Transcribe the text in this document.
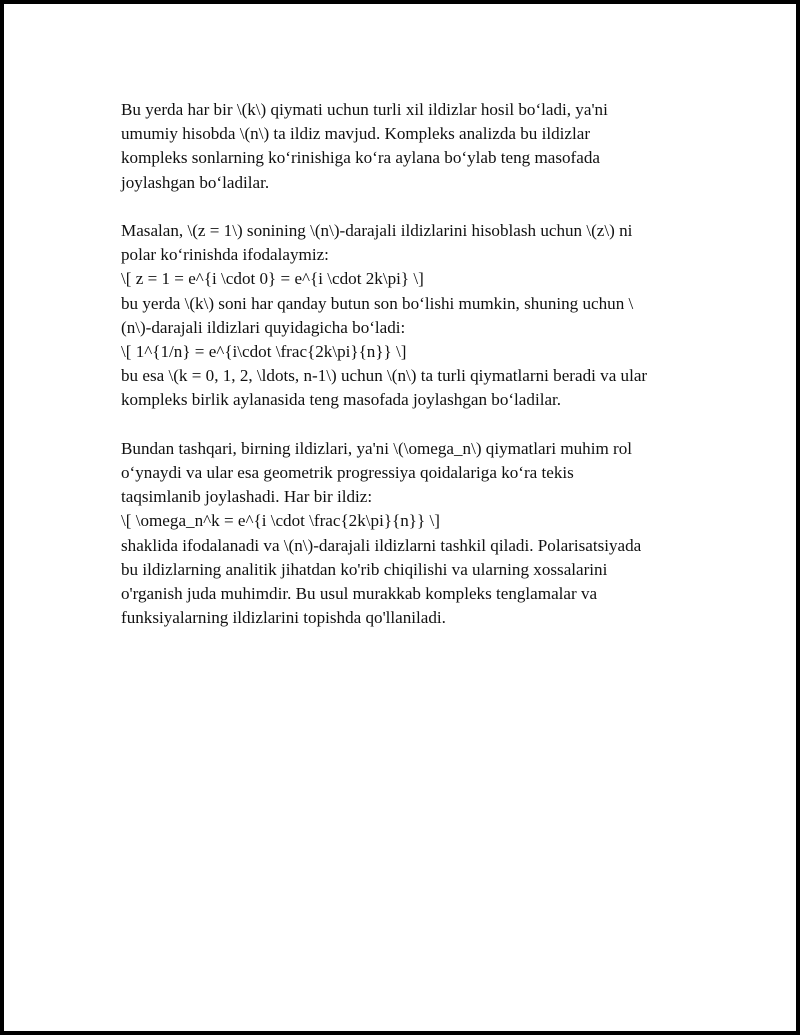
Bu yerda har bir \(k\) qiymati uchun turli xil ildizlar hosil bo‘ladi, ya'ni
umumiy hisobda \(n\) ta ildiz mavjud. Kompleks analizda bu ildizlar
kompleks sonlarning ko‘rinishiga ko‘ra aylana bo‘ylab teng masofada
joylashgan bo‘ladilar.
Masalan, \(z = 1\) sonining \(n\)-darajali ildizlarini hisoblash uchun \(z\) ni
polar ko‘rinishda ifodalaymiz:
\[ z = 1 = e^{i \cdot 0} = e^{i \cdot 2k\pi} \]
bu yerda \(k\) soni har qanday butun son bo‘lishi mumkin, shuning uchun \
(n\)-darajali ildizlari quyidagicha bo‘ladi:
\[ 1^{1/n} = e^{i\cdot \frac{2k\pi}{n}} \]
bu esa \(k = 0, 1, 2, \ldots, n-1\) uchun \(n\) ta turli qiymatlarni beradi va ular
kompleks birlik aylanasida teng masofada joylashgan bo‘ladilar.
Bundan tashqari, birning ildizlari, ya'ni \(\omega_n\) qiymatlari muhim rol
o‘ynaydi va ular esa geometrik progressiya qoidalariga ko‘ra tekis
taqsimlanib joylashadi. Har bir ildiz:
\[ \omega_n^k = e^{i \cdot \frac{2k\pi}{n}} \]
shaklida ifodalanadi va \(n\)-darajali ildizlarni tashkil qiladi. Polarisatsiyada
bu ildizlarning analitik jihatdan ko'rib chiqilishi va ularning xossalarini
o'rganish juda muhimdir. Bu usul murakkab kompleks tenglamalar va
funksiyalarning ildizlarini topishda qo'llaniladi.
